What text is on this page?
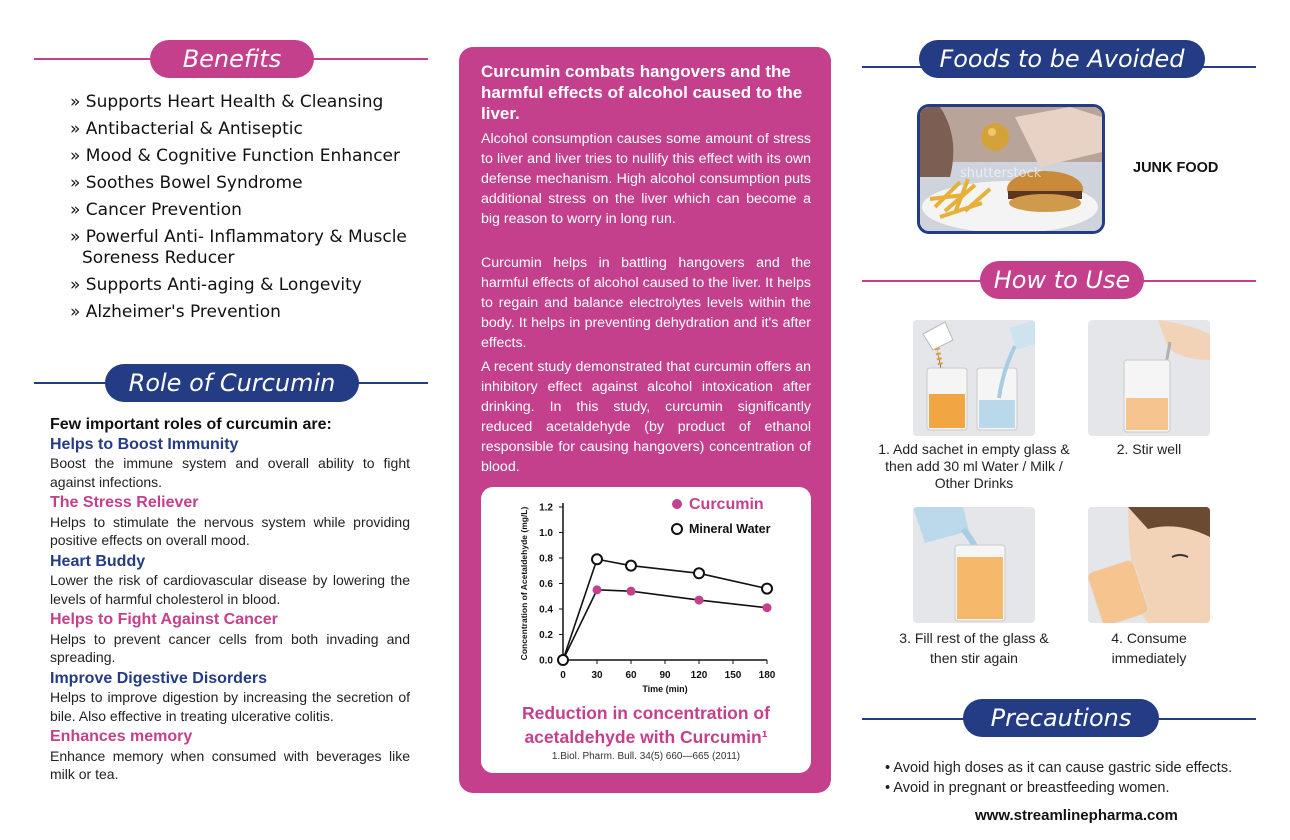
Benefits
» Supports Heart Health & Cleansing
» Antibacterial & Antiseptic
» Mood & Cognitive Function Enhancer
» Soothes Bowel Syndrome
» Cancer Prevention
» Powerful Anti- Inflammatory & Muscle Soreness Reducer
» Supports Anti-aging & Longevity
» Alzheimer's Prevention
Role of Curcumin

Few important roles of curcumin are:

Helps to Boost Immunity

Boost the immune system and overall ability to fight against infections.

The Stress Reliever

Helps to stimulate the nervous system while providing positive effects on overall mood.

Heart Buddy

Lower the risk of cardiovascular disease by lowering the levels of harmful cholesterol in blood.

Helps to Fight Against Cancer

Helps to prevent cancer cells from both invading and spreading.

Improve Digestive Disorders

Helps to improve digestion by increasing the secretion of bile. Also effective in treating ulcerative colitis.

Enhances memory

Enhance memory when consumed with beverages like milk or tea.

Curcumin combats hangovers and the harmful effects of alcohol caused to the liver.

Alcohol consumption causes some amount of stress to liver and liver tries to nullify this effect with its own defense mechanism. High alcohol consumption puts additional stress on the liver which can become a big reason to worry in long run.

Curcumin helps in battling hangovers and the harmful effects of alcohol caused to the liver. It helps to regain and balance electrolytes levels within the body. It helps in preventing dehydration and it's after effects.

A recent study demonstrated that curcumin offers an inhibitory effect against alcohol intoxication after drinking. In this study, curcumin significantly reduced acetaldehyde (by product of ethanol responsible for causing hangovers) concentration of blood.

0.0
0.2
0.4
0.6
0.8
1.0
1.2
0	30 60 90 120 150 180
Time (min)
Concentration of Acetaldehyde (mg/L)
Curcumin
Mineral Water
Reduction in concentration of acetaldehyde with Curcumin¹
1.Biol. Pharm. Bull. 34(5) 660—665 (2011)
Foods to be Avoided
shutterstock	JUNK FOOD
How to Use
1. Add sachet in empty glass & then add 30 ml Water / Milk / Other Drinks
2. Stir well
3. Fill rest of the glass & then stir again
4. Consume immediately
Precautions
• Avoid high doses as it can cause gastric side effects.
• Avoid in pregnant or breastfeeding women.
www.streamlinepharma.com
